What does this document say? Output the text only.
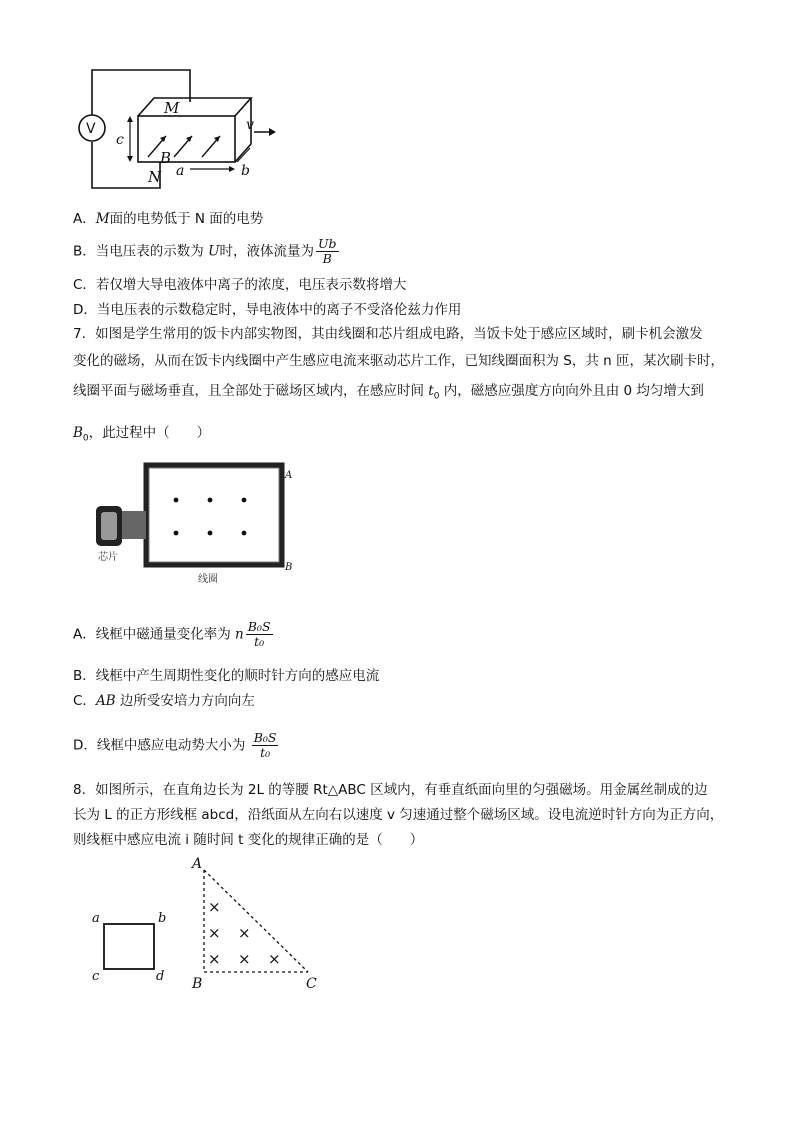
V
M
N
c
B
a	b
v
A．M面的电势低于 N 面的电势
B．当电压表的示数为 U时，液体流量为 $\frac{Ub}{B}$
C．若仅增大导电液体中离子的浓度，电压表示数将增大
D．当电压表的示数稳定时，导电液体中的离子不受洛伦兹力作用
7．如图是学生常用的饭卡内部实物图，其由线圈和芯片组成电路，当饭卡处于感应区域时，刷卡机会激发
变化的磁场，从而在饭卡内线圈中产生感应电流来驱动芯片工作，已知线圈面积为 S，共 n 匝，某次刷卡时，
线圈平面与磁场垂直，且全部处于磁场区域内，在感应时间 $t_0$ 内，磁感应强度方向向外且由 0 均匀增大到
$B_0$，此过程中（　　）
芯片
线圈
A
B
A．线框中磁通量变化率为 n $\frac{\text{B₀S}}{\text{t₀}}$
B．线框中产生周期性变化的顺时针方向的感应电流
C．AB 边所受安培力方向向左
D．线框中感应电动势大小为 $\frac{\text{B₀S}}{\text{t₀}}$
8．如图所示，在直角边长为 2L 的等腰 Rt△ABC 区域内，有垂直纸面向里的匀强磁场。用金属丝制成的边
长为 L 的正方形线框 abcd，沿纸面从左向右以速度 v 匀速通过整个磁场区域。设电流逆时针方向为正方向，
则线框中感应电流 i 随时间 t 变化的规律正确的是（　　）
a	b
c	d
A
B	C
×
× ×
× × ×
